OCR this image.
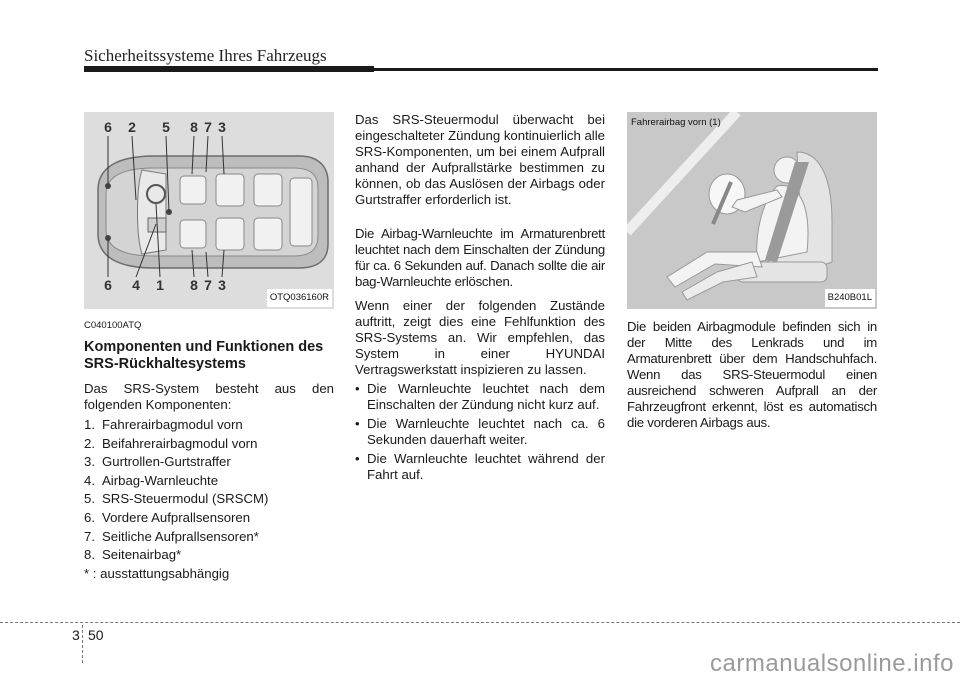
Sicherheitssysteme Ihres Fahrzeugs
6 2 5 8 7 3
6 4 1 8 7 3
OTQ036160R
C040100ATQ
Komponenten und Funktionen des SRS-Rückhaltesystems

Das SRS-System besteht aus den folgenden Komponenten:

1. Fahrerairbagmodul vorn
2. Beifahrerairbagmodul vorn
3. Gurtrollen-Gurtstraffer
4. Airbag-Warnleuchte
5. SRS-Steuermodul (SRSCM)
6. Vordere Aufprallsensoren
7. Seitliche Aufprallsensoren*
8. Seitenairbag*
* : ausstattungsabhängig

Das SRS-Steuermodul überwacht bei eingeschalteter Zündung kontinuierlich alle SRS-Komponenten, um bei einem Aufprall anhand der Aufprallstärke bestimmen zu können, ob das Auslösen der Airbags oder Gurtstraffer erforderlich ist.

Die Airbag-Warnleuchte im Armaturenbrett leuchtet nach dem Einschalten der Zündung für ca. 6 Sekunden auf. Danach sollte die air bag-Warnleuchte erlöschen.

Wenn einer der folgenden Zustände auftritt, zeigt dies eine Fehlfunktion des SRS-Systems an. Wir empfehlen, das System in einer HYUNDAI Vertragswerkstatt inspizieren zu lassen.

• Die Warnleuchte leuchtet nach dem Einschalten der Zündung nicht kurz auf.
• Die Warnleuchte leuchtet nach ca. 6 Sekunden dauerhaft weiter.
• Die Warnleuchte leuchtet während der Fahrt auf.
Fahrerairbag vorn (1)
B240B01L

Die beiden Airbagmodule befinden sich in der Mitte des Lenkrads und im Armaturenbrett über dem Handschuhfach. Wenn das SRS-Steuermodul einen ausreichend schweren Aufprall an der Fahrzeugfront erkennt, löst es automatisch die vorderen Airbags aus.

3 50
carmanualsonline.info
